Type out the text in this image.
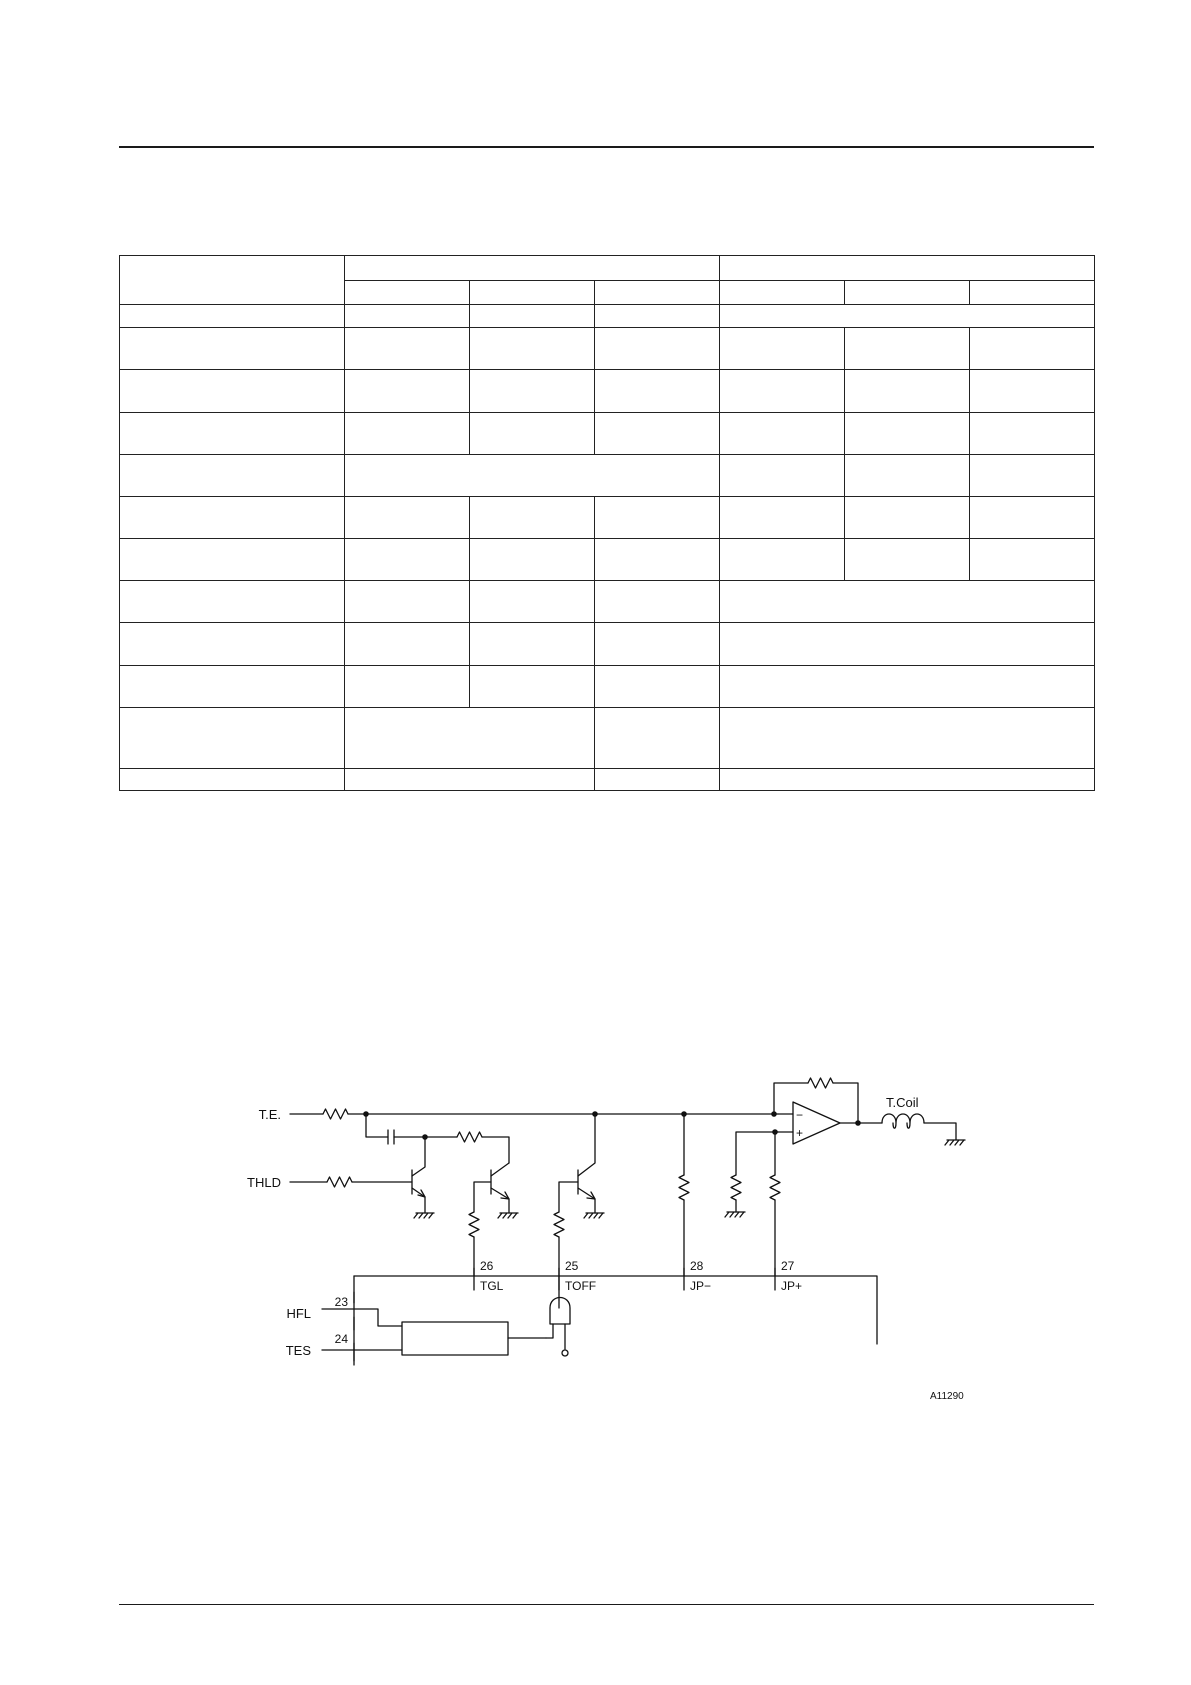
T.E.
THLD
HFL
TES
T.Coil
23
24
26
TGL
25
TOFF
28
JP−
27
JP+
−
+
A11290
